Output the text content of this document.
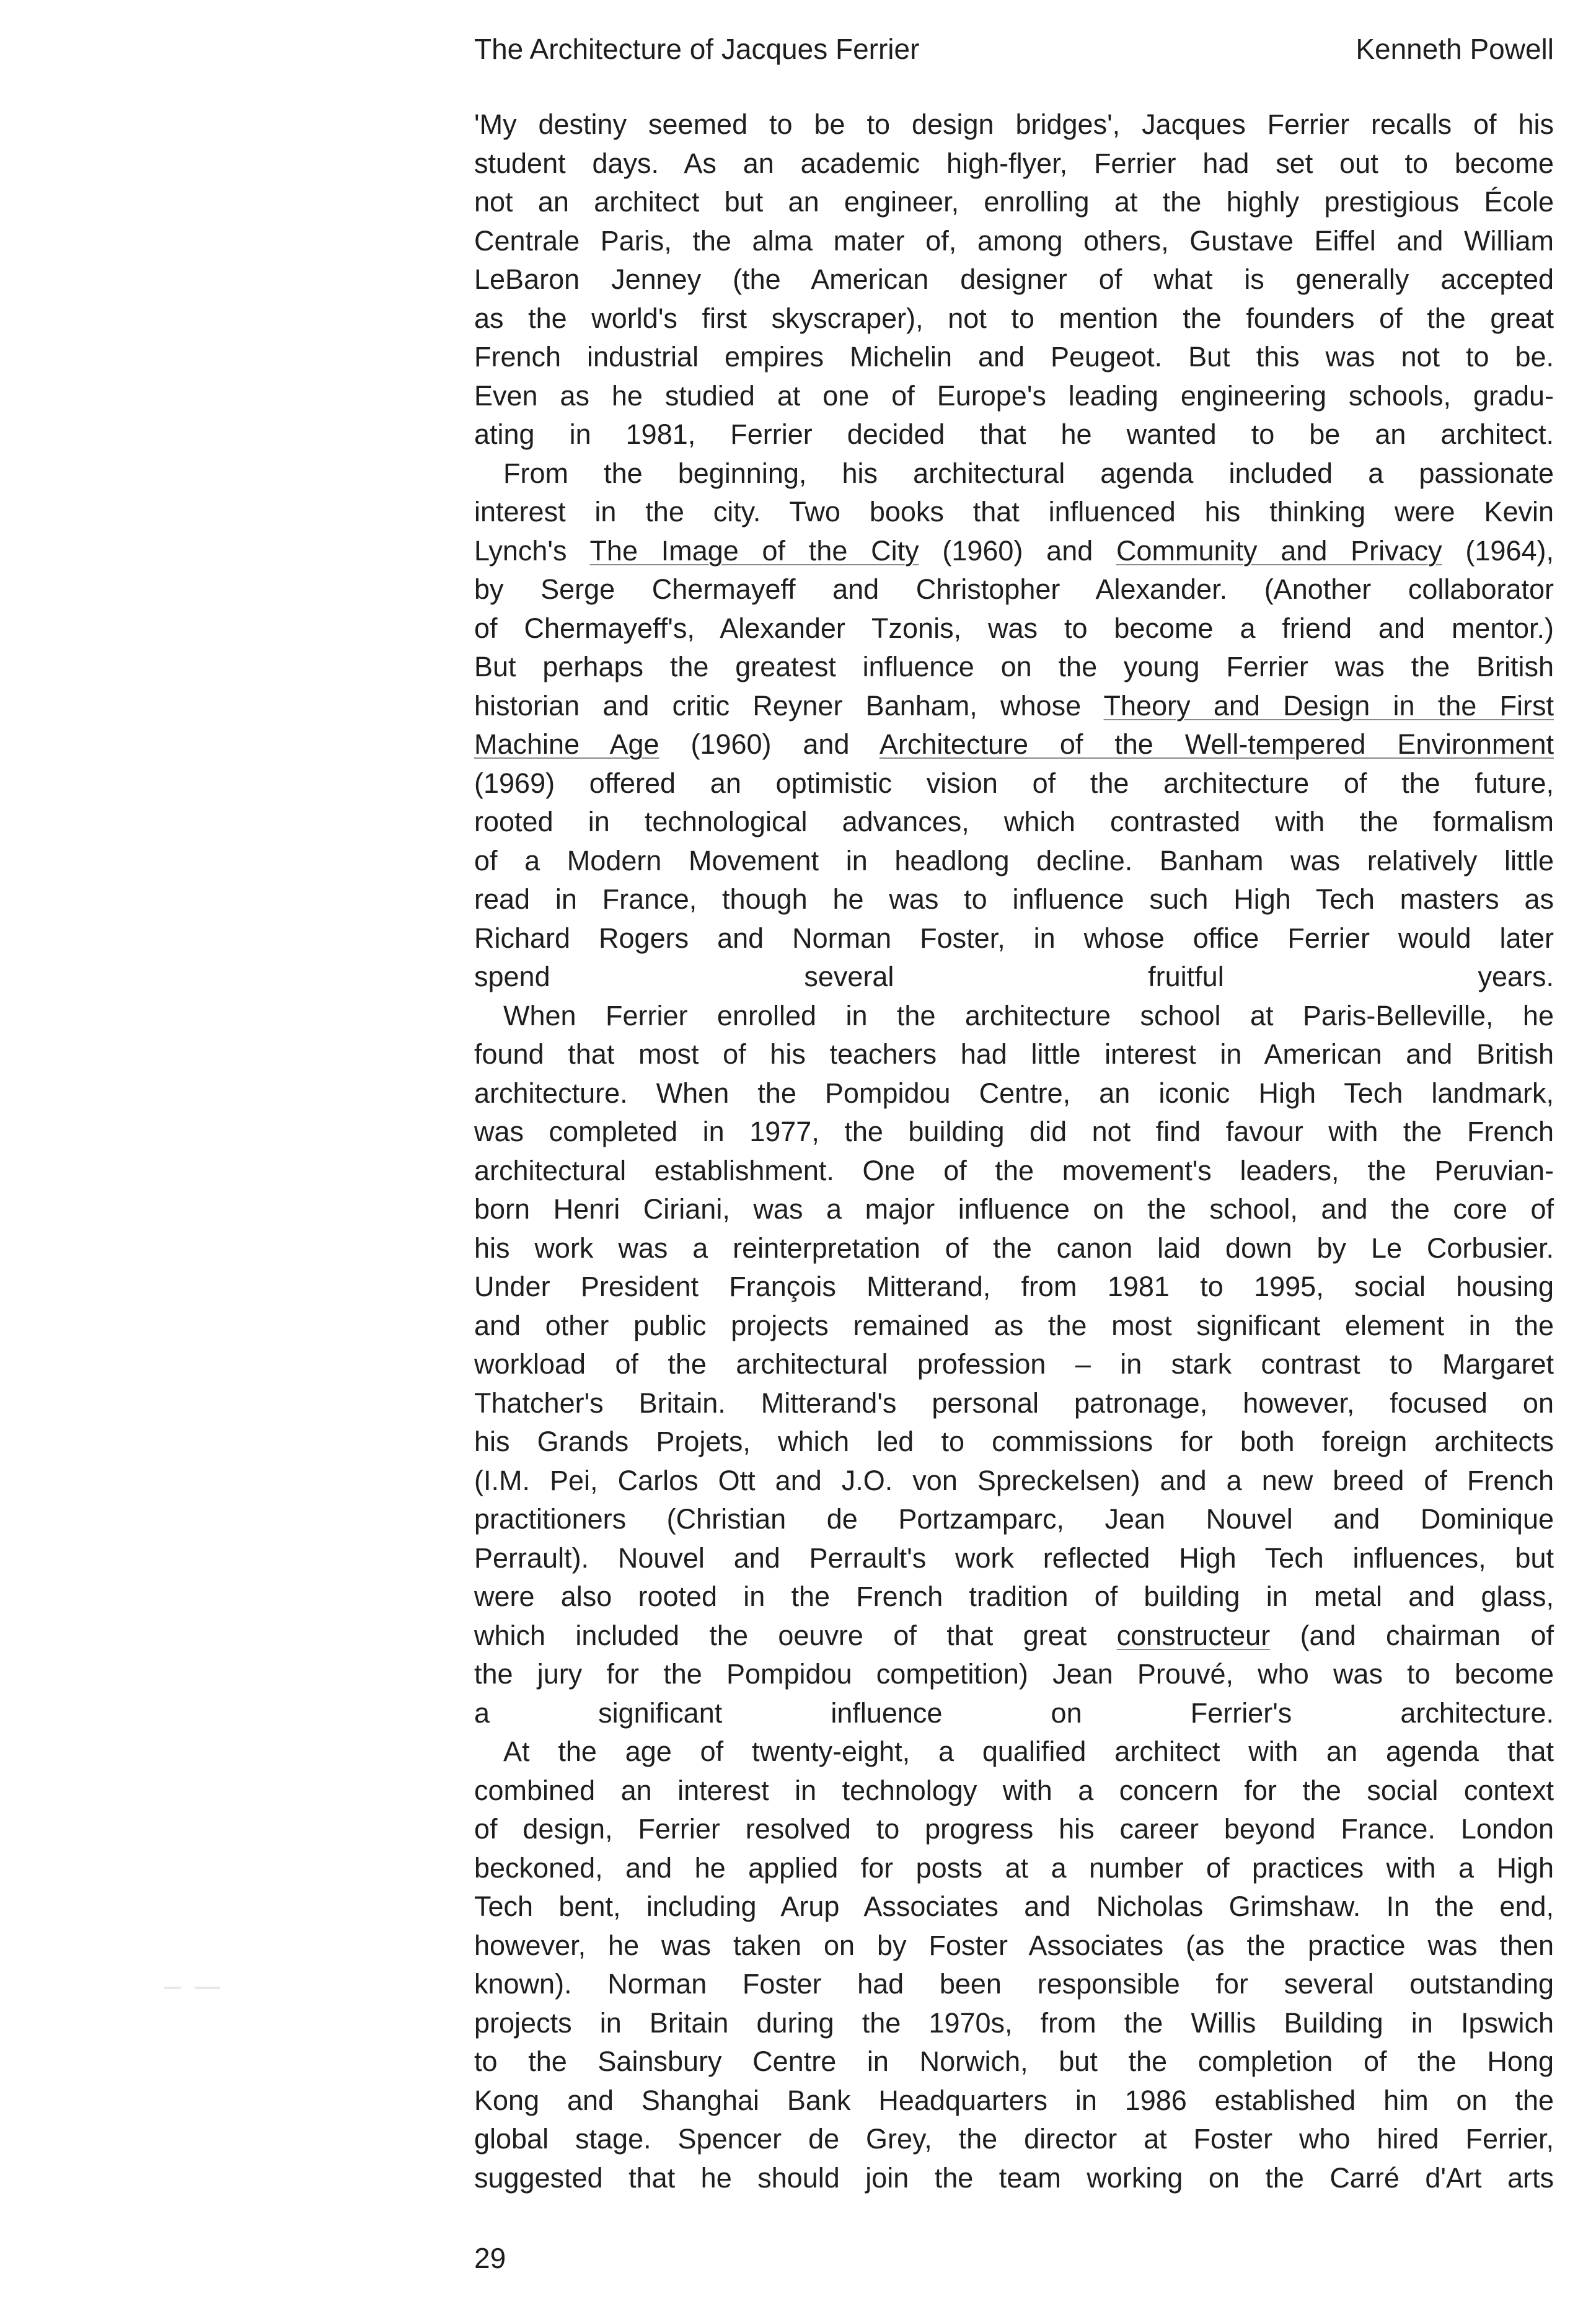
The Architecture of Jacques Ferrier	Kenneth Powell
'My destiny seemed to be to design bridges', Jacques Ferrier recalls of his
student days. As an academic high-flyer, Ferrier had set out to become
not an architect but an engineer, enrolling at the highly prestigious École
Centrale Paris, the alma mater of, among others, Gustave Eiffel and William
LeBaron Jenney (the American designer of what is generally accepted
as the world's first skyscraper), not to mention the founders of the great
French industrial empires Michelin and Peugeot. But this was not to be.
Even as he studied at one of Europe's leading engineering schools, gradu-
ating in 1981, Ferrier decided that he wanted to be an architect.
From the beginning, his architectural agenda included a passionate
interest in the city. Two books that influenced his thinking were Kevin
Lynch's The Image of the City (1960) and Community and Privacy (1964),
by Serge Chermayeff and Christopher Alexander. (Another collaborator
of Chermayeff's, Alexander Tzonis, was to become a friend and mentor.)
But perhaps the greatest influence on the young Ferrier was the British
historian and critic Reyner Banham, whose Theory and Design in the First
Machine Age (1960) and Architecture of the Well-tempered Environment
(1969) offered an optimistic vision of the architecture of the future,
rooted in technological advances, which contrasted with the formalism
of a Modern Movement in headlong decline. Banham was relatively little
read in France, though he was to influence such High Tech masters as
Richard Rogers and Norman Foster, in whose office Ferrier would later
spend several fruitful years.
When Ferrier enrolled in the architecture school at Paris-Belleville, he
found that most of his teachers had little interest in American and British
architecture. When the Pompidou Centre, an iconic High Tech landmark,
was completed in 1977, the building did not find favour with the French
architectural establishment. One of the movement's leaders, the Peruvian-
born Henri Ciriani, was a major influence on the school, and the core of
his work was a reinterpretation of the canon laid down by Le Corbusier.
Under President François Mitterand, from 1981 to 1995, social housing
and other public projects remained as the most significant element in the
workload of the architectural profession – in stark contrast to Margaret
Thatcher's Britain. Mitterand's personal patronage, however, focused on
his Grands Projets, which led to commissions for both foreign architects
(I.M. Pei, Carlos Ott and J.O. von Spreckelsen) and a new breed of French
practitioners (Christian de Portzamparc, Jean Nouvel and Dominique
Perrault). Nouvel and Perrault's work reflected High Tech influences, but
were also rooted in the French tradition of building in metal and glass,
which included the oeuvre of that great constructeur (and chairman of
the jury for the Pompidou competition) Jean Prouvé, who was to become
a significant influence on Ferrier's architecture.
At the age of twenty-eight, a qualified architect with an agenda that
combined an interest in technology with a concern for the social context
of design, Ferrier resolved to progress his career beyond France. London
beckoned, and he applied for posts at a number of practices with a High
Tech bent, including Arup Associates and Nicholas Grimshaw. In the end,
however, he was taken on by Foster Associates (as the practice was then
known). Norman Foster had been responsible for several outstanding
projects in Britain during the 1970s, from the Willis Building in Ipswich
to the Sainsbury Centre in Norwich, but the completion of the Hong
Kong and Shanghai Bank Headquarters in 1986 established him on the
global stage. Spencer de Grey, the director at Foster who hired Ferrier,
suggested that he should join the team working on the Carré d'Art arts
29
